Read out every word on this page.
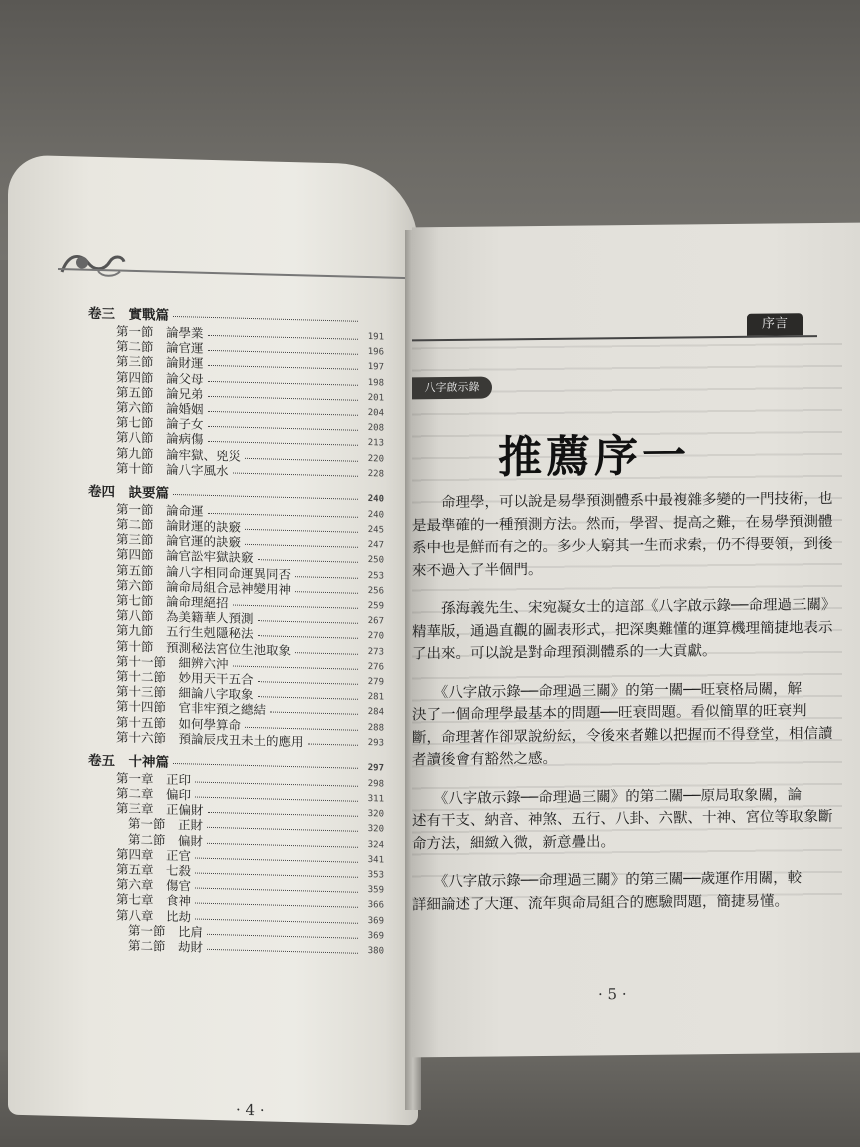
卷三　實戰篇
第一節　論學業	191
第二節　論官運	196
第三節　論財運	197
第四節　論父母	198
第五節　論兄弟	201
第六節　論婚姻	204
第七節　論子女	208
第八節　論病傷	213
第九節　論牢獄、兇災	220
第十節　論八字風水	228
卷四　訣要篇	240
第一節　論命運	240
第二節　論財運的訣竅	245
第三節　論官運的訣竅	247
第四節　論官訟牢獄訣竅	250
第五節　論八字相同命運異同否	253
第六節　論命局組合忌神變用神	256
第七節　論命理絕招	259
第八節　為美籍華人預測	267
第九節　五行生剋隱秘法	270
第十節　預測秘法宮位生池取象	273
第十一節　細辨六沖	276
第十二節　妙用天干五合	279
第十三節　細論八字取象	281
第十四節　官非牢預之總結	284
第十五節　如何學算命	288
第十六節　預論辰戌丑未土的應用	293
卷五　十神篇	297
第一章　正印	298
第二章　偏印	311
第三章　正偏財	320
第一節　正財	320
第二節　偏財	324
第四章　正官	341
第五章　七殺	353
第六章　傷官	359
第七章　食神	366
第八章　比劫	369
第一節　比肩	369
第二節　劫財	380
· 4 ·
序言
八字啟示錄
推薦序一
　　命理學，可以說是易學預測體系中最複雜多變的一門技術，也
是最準確的一種預測方法。然而，學習、提高之難，在易學預測體
系中也是鮮而有之的。多少人窮其一生而求索，仍不得要領，到後
來不過入了半個門。
　　孫海義先生、宋宛凝女士的這部《八字啟示錄──命理過三關》
精華版，通過直觀的圖表形式，把深奧難懂的運算機理簡捷地表示
了出來。可以說是對命理預測體系的一大貢獻。
　　《八字啟示錄──命理過三關》的第一關──旺衰格局關，解
決了一個命理學最基本的問題──旺衰問題。看似簡單的旺衰判
斷，命理著作卻眾說紛紜，令後來者難以把握而不得登堂，相信讀
者讀後會有豁然之感。
　　《八字啟示錄──命理過三關》的第二關──原局取象關，論
述有干支、納音、神煞、五行、八卦、六獸、十神、宮位等取象斷
命方法，細緻入微，新意疊出。
　　《八字啟示錄──命理過三關》的第三關──歲運作用關，較
詳細論述了大運、流年與命局組合的應驗問題，簡捷易懂。
· 5 ·
